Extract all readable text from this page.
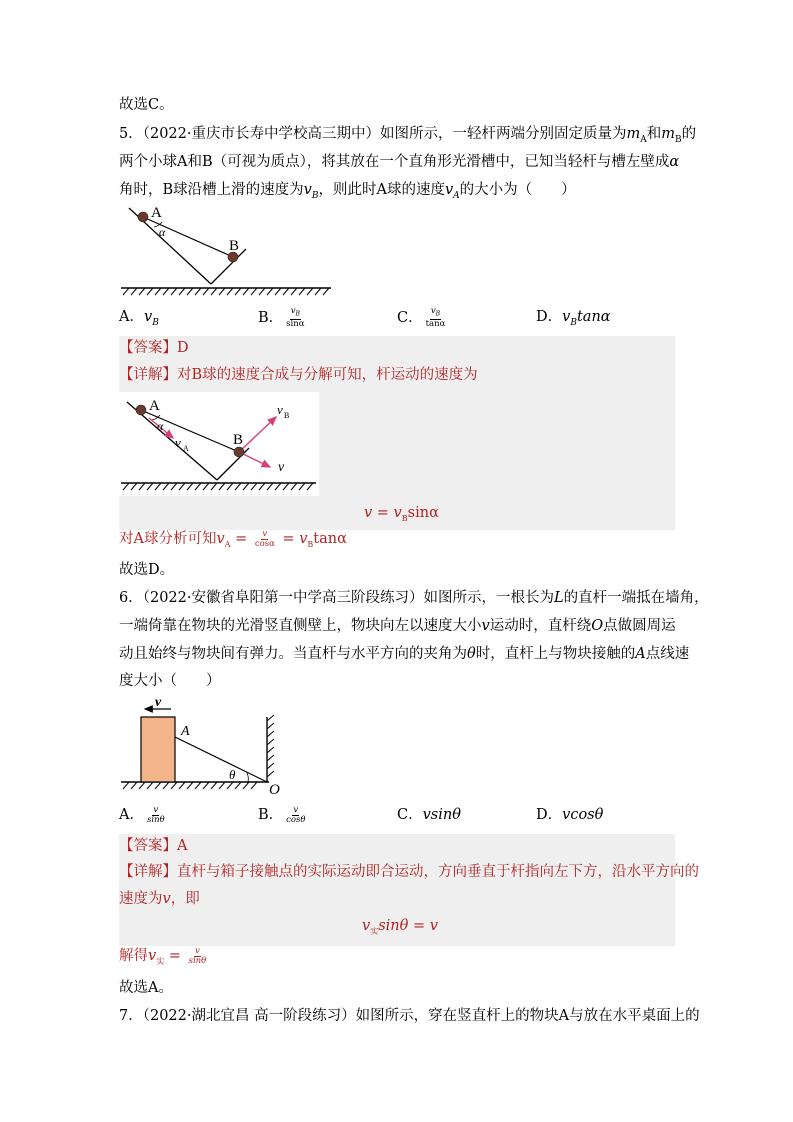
故选C。
5．（2022·重庆市长寿中学校高三期中）如图所示，一轻杆两端分别固定质量为$m_A$和$m_B$的
两个小球A和B（可视为质点），将其放在一个直角形光滑槽中，已知当轻杆与槽左壁成α
角时，B球沿槽上滑的速度为$v_B$，则此时A球的速度$v_A$的大小为（　　）
A
α
B
A．$v_B$	B． $\frac{v_B}{\sin\alpha}$	C． $\frac{v_B}{\tan\alpha}$	D．$v_B\tan\alpha$
【答案】D
【详解】对B球的速度合成与分解可知，杆运动的速度为
A
α
v A
B
v B
v
$v = v_B\sin\alpha$
对A球分析可知$v_A = \frac{v}{\cos\alpha} = v_B\tan\alpha$
故选D。
6．（2022·安徽省阜阳第一中学高三阶段练习）如图所示，一根长为L的直杆一端抵在墙角，
一端倚靠在物块的光滑竖直侧壁上，物块向左以速度大小v运动时，直杆绕O点做圆周运
动且始终与物块间有弹力。当直杆与水平方向的夹角为θ时，直杆上与物块接触的A点线速
度大小（　　）
v
A
θ
O
A． $\frac{v}{\sin\theta}$	B． $\frac{v}{\cos\theta}$	C．vsinθ	D．vcosθ
【答案】A
【详解】直杆与箱子接触点的实际运动即合运动，方向垂直于杆指向左下方，沿水平方向的
速度为v，即
$v_实\sin\theta = v$
解得$v_实 = \frac{v}{\sin\theta}$
故选A。
7．（2022·湖北宜昌 高一阶段练习）如图所示，穿在竖直杆上的物块A与放在水平桌面上的
